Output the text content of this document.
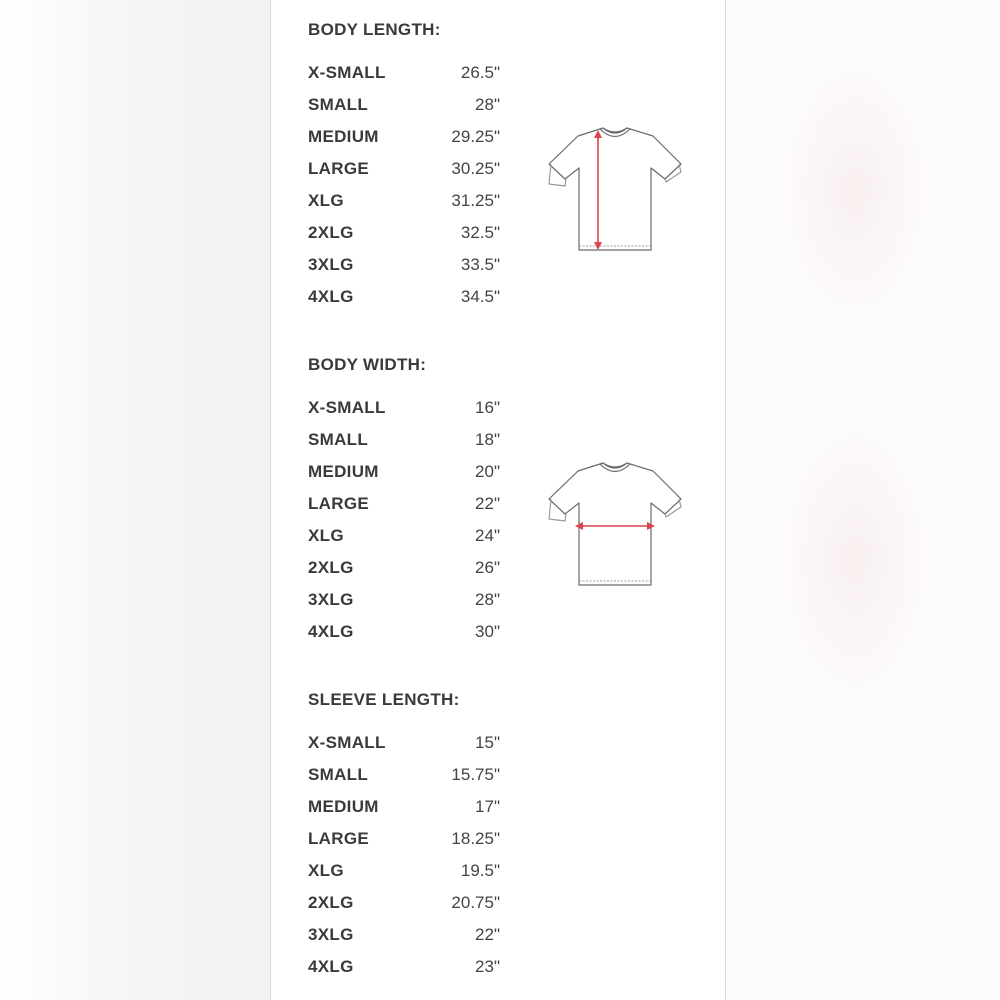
BODY LENGTH:
X-SMALL	26.5"
SMALL	28"
MEDIUM	29.25"
LARGE	30.25"
XLG	31.25"
2XLG	32.5"
3XLG	33.5"
4XLG	34.5"
BODY WIDTH:
X-SMALL	16"
SMALL	18"
MEDIUM	20"
LARGE	22"
XLG	24"
2XLG	26"
3XLG	28"
4XLG	30"
SLEEVE LENGTH:
X-SMALL	15"
SMALL	15.75"
MEDIUM	17"
LARGE	18.25"
XLG	19.5"
2XLG	20.75"
3XLG	22"
4XLG	23"
